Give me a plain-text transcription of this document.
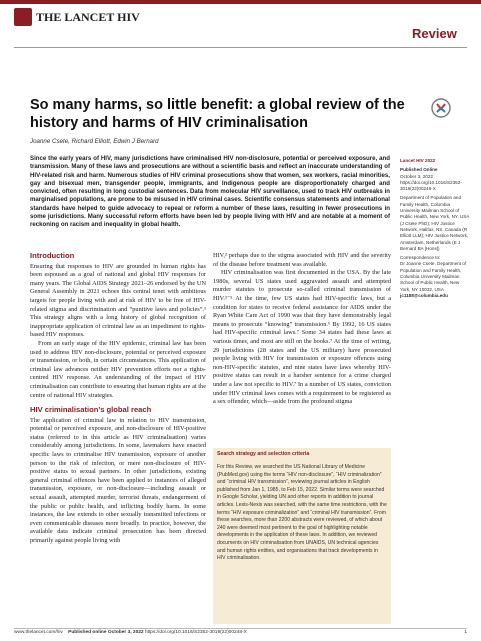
THE LANCET HIV
Review
So many harms, so little benefit: a global review of the history and harms of HIV criminalisation
Joanne Csete, Richard Elliott, Edwin J Bernard
Since the early years of HIV, many jurisdictions have criminalised HIV non-disclosure, potential or perceived exposure, and transmission. Many of these laws and prosecutions are without a scientific basis and reflect an inaccurate understanding of HIV-related risk and harm. Numerous studies of HIV criminal prosecutions show that women, sex workers, racial minorities, gay and bisexual men, transgender people, immigrants, and Indigenous people are disproportionately charged and convicted, often resulting in long custodial sentences. Data from molecular HIV surveillance, used to track HIV outbreaks in marginalised populations, are prone to be misused in HIV criminal cases. Scientific consensus statements and international standards have helped to guide advocacy to repeal or reform a number of these laws, resulting in fewer prosecutions in some jurisdictions. Many successful reform efforts have been led by people living with HIV and are notable at a moment of reckoning on racism and inequality in global health.

Lancet HIV 2022

Published Online
October 3, 2022
https://doi.org/10.1016/S2352-3018(22)00248-X

Department of Population and Family Health, Columbia University Mailman School of Public Health, New York, NY, USA (J Csete PhD); HIV Justice Network, Halifax, NS, Canada (R Elliott LLM); HIV Justice Network, Amsterdam, Netherlands (E J Bernard BA [Hons])

Correspondence to:
Dr Joanne Csete, Department of Population and Family Health, Columbia University Mailman School of Public Health, New York, NY 10032, USA
jc1188@columbia.edu

Introduction

Ensuring that responses to HIV are grounded in human rights has been espoused as a goal of national and global HIV responses for many years. The Global AIDS Strategy 2021–26 endorsed by the UN General Assembly in 2021 echoes this central tenet with ambitious targets for people living with and at risk of HIV to be free of HIV-related stigma and discrimination and “punitive laws and policies”.¹ This strategy aligns with a long history of global recognition of inappropriate application of criminal law as an impediment to rights-based HIV responses.

From an early stage of the HIV epidemic, criminal law has been used to address HIV non-disclosure, potential or perceived exposure or transmission, or both, in certain circumstances. This application of criminal law advances neither HIV prevention efforts nor a rights-centred HIV response. An understanding of the impact of HIV criminalisation can contribute to ensuring that human rights are at the centre of national HIV strategies.

HIV criminalisation’s global reach

The application of criminal law in relation to HIV transmission, potential or perceived exposure, and non-disclosure of HIV-positive status (referred to in this article as HIV criminalisation) varies considerably among jurisdictions. In some, lawmakers have enacted specific laws to criminalise HIV transmission, exposure of another person to the risk of infection, or mere non-disclosure of HIV-positive status to sexual partners. In other jurisdictions, existing general criminal offences have been applied to instances of alleged transmission, exposure, or non-disclosure—including assault or sexual assault, attempted murder, terrorist threats, endangerment of the public or public health, and inflicting bodily harm. In some instances, the law extends to other sexually transmitted infections or even communicable diseases more broadly. In practice, however, the available data indicate criminal prosecution has been directed primarily against people living with

HIV,² perhaps due to the stigma associated with HIV and the severity of the disease before treatment was available.

HIV criminalisation was first documented in the USA. By the late 1980s, several US states used aggravated assault and attempted murder statutes to prosecute so-called criminal transmission of HIV.³⁻⁵ At the time, few US states had HIV-specific laws, but a condition for states to receive federal assistance for AIDS under the Ryan White Care Act of 1990 was that they have demonstrably legal means to prosecute “knowing” transmission.⁶ By 1992, 16 US states had HIV-specific criminal laws.⁷ Some 34 states had these laws at various times, and most are still on the books.⁷ At the time of writing, 29 jurisdictions (28 states and the US military) have prosecuted people living with HIV for transmission or exposure offences using non-HIV-specific statutes, and nine states have laws whereby HIV-positive status can result in a harsher sentence for a crime charged under a law not specific to HIV.⁷ In a number of US states, conviction under HIV criminal laws comes with a requirement to be registered as a sex offender, which—aside from the profound stigma

Search strategy and selection criteria
For this Review, we searched the US National Library of Medicine (PubMed.gov) using the terms “HIV non-disclosure”, “HIV criminalization” and “criminal HIV transmission”, reviewing journal articles in English published from Jan 1, 1985, to Feb 15, 2022. Similar terms were searched in Google Scholar, yielding UN and other reports in addition to journal articles. Lexis-Nexis was searched, with the same time restrictions, with the terms “HIV exposure criminalization” and “criminal HIV transmission”. From these searches, more than 2200 abstracts were reviewed, of which about 240 were deemed most pertinent to the goal of highlighting notable developments in the application of these laws. In addition, we reviewed documents on HIV criminalisation from UNAIDS, UN technical agencies and human rights entities, and organisations that track developments in HIV criminalisation.
www.thelancet.com/hiv Published online October 3, 2022 https://doi.org/10.1016/S2352-3018(22)00248-X	1
